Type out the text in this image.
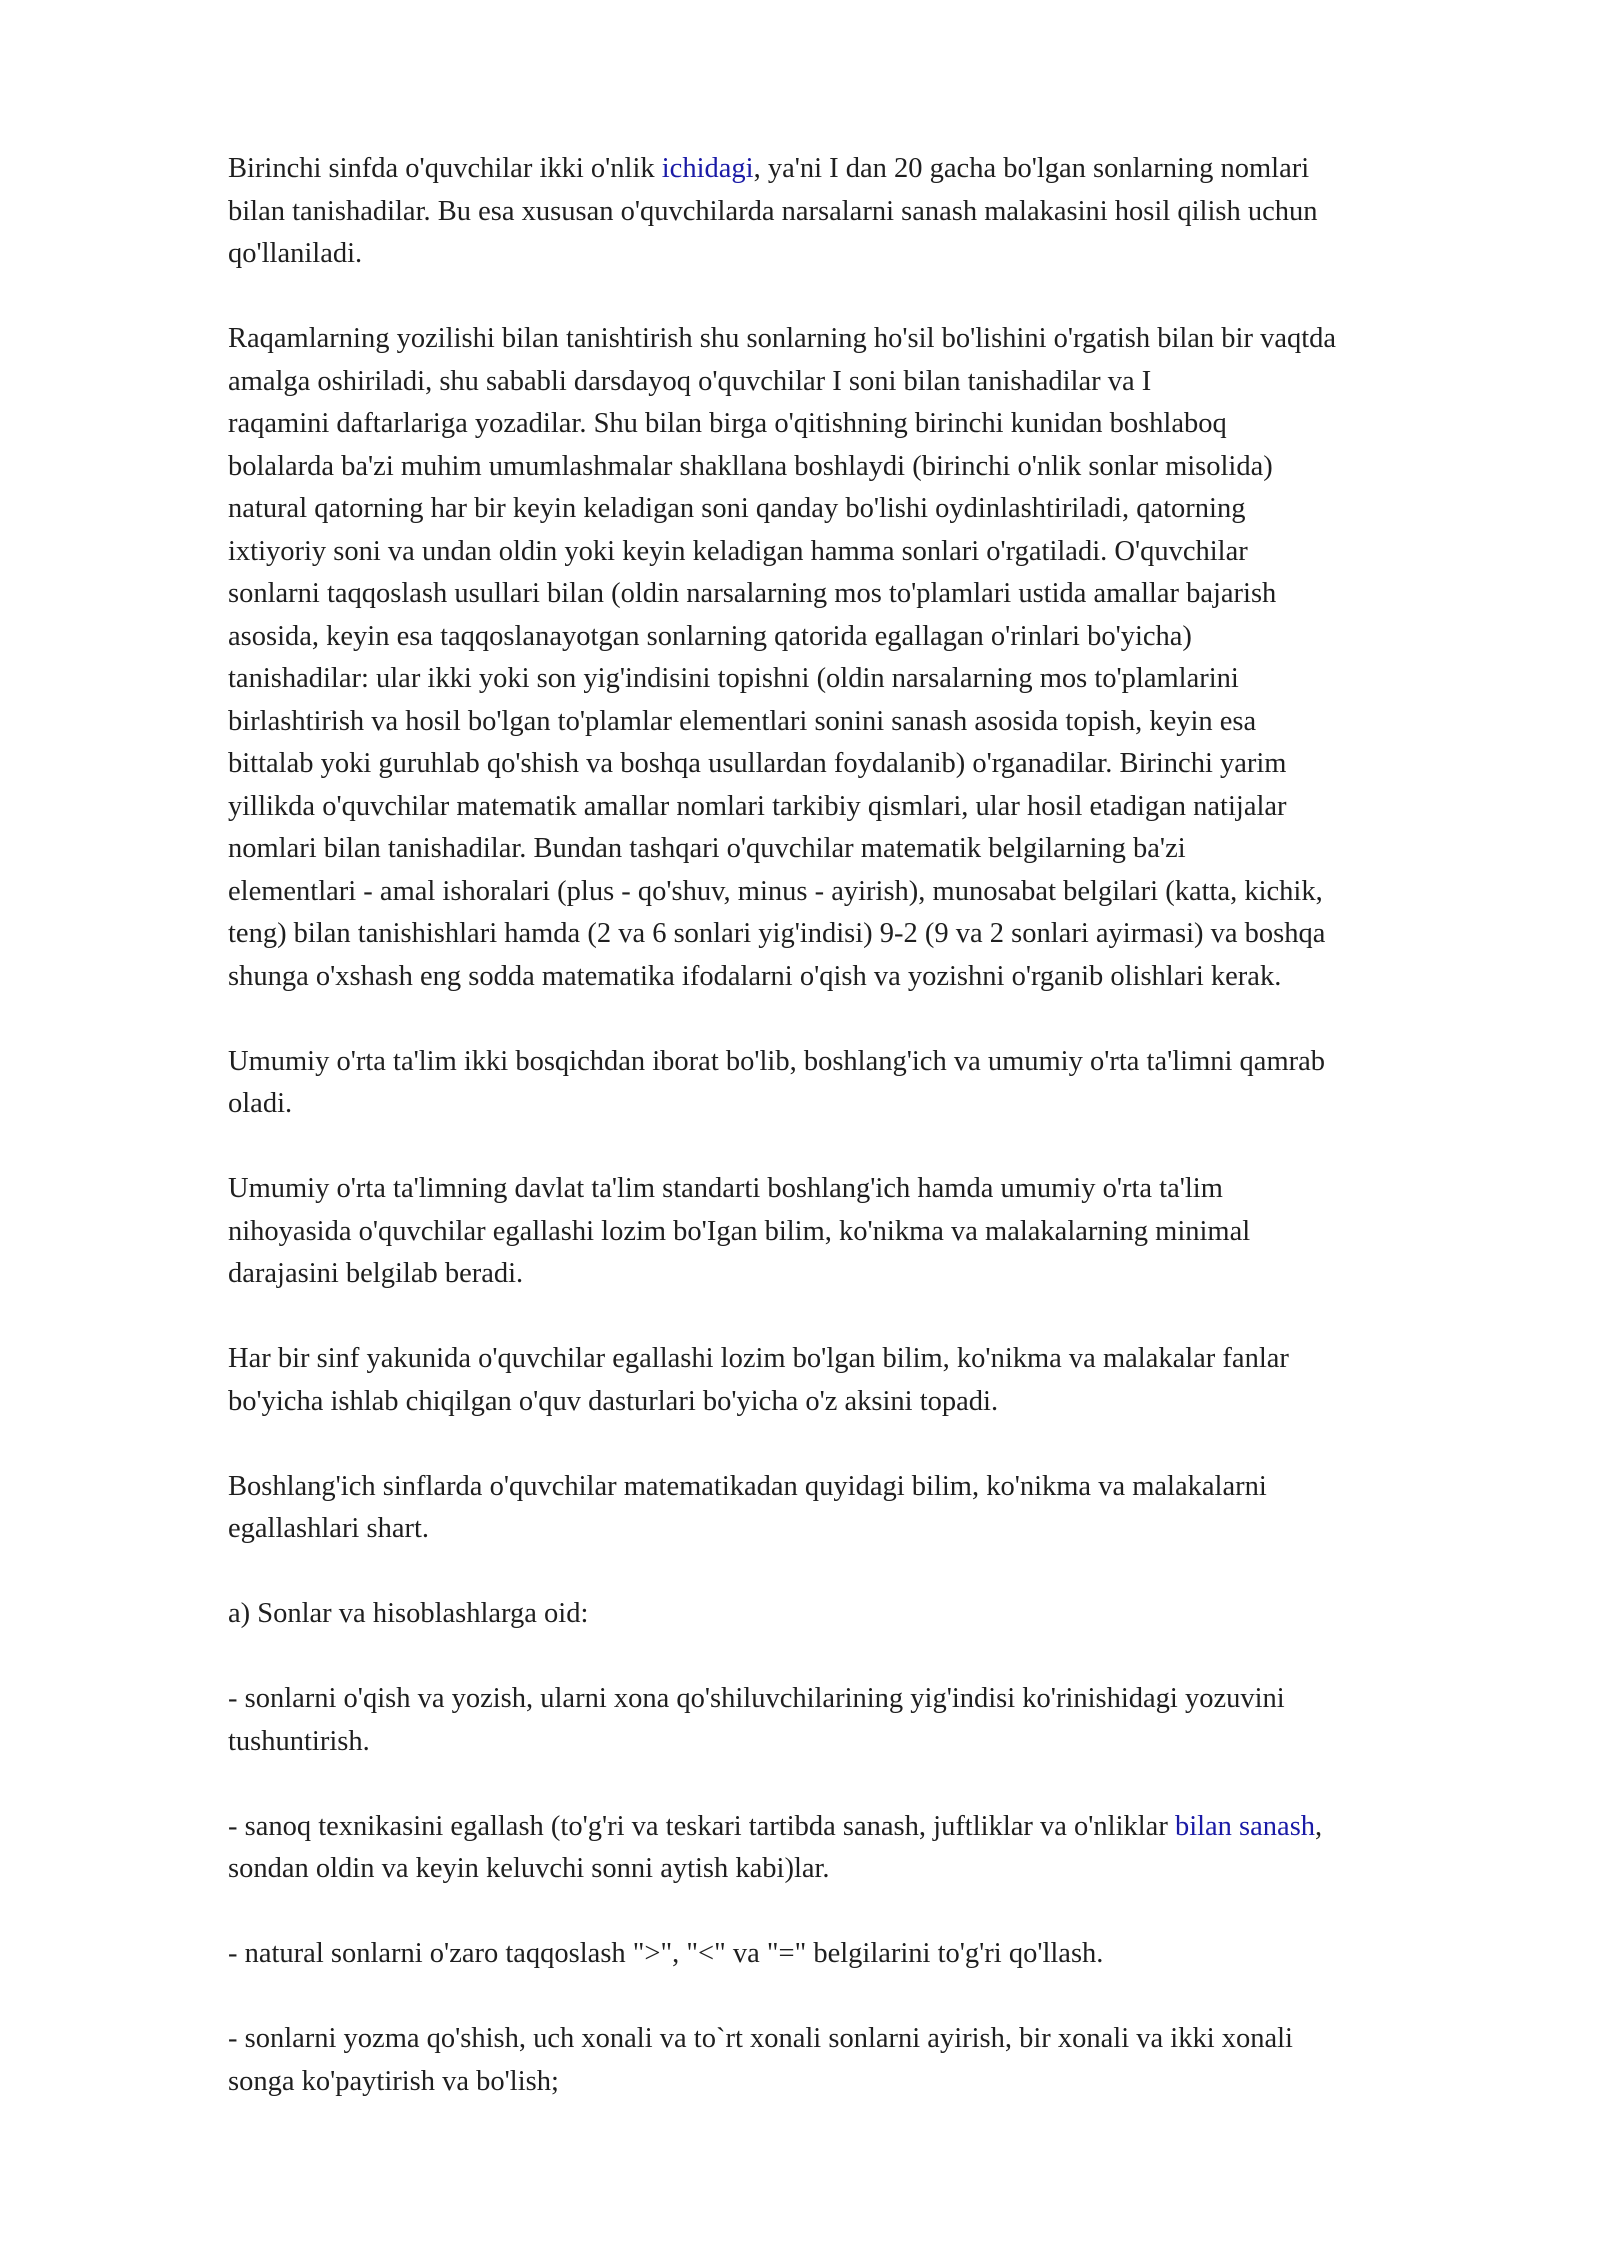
Birinchi sinfda o'quvchilar ikki o'nlik ichidagi, ya'ni I dan 20 gacha bo'lgan sonlarning nomlari
bilan tanishadilar. Bu esa xususan o'quvchilarda narsalarni sanash malakasini hosil qilish uchun
qo'llaniladi.

Raqamlarning yozilishi bilan tanishtirish shu sonlarning ho'sil bo'lishini o'rgatish bilan bir vaqtda
amalga oshiriladi, shu sababli darsdayoq o'quvchilar I soni bilan tanishadilar va I
raqamini daftarlariga yozadilar. Shu bilan birga o'qitishning birinchi kunidan boshlaboq
bolalarda ba'zi muhim umumlashmalar shakllana boshlaydi (birinchi o'nlik sonlar misolida)
natural qatorning har bir keyin keladigan soni qanday bo'lishi oydinlashtiriladi, qatorning
ixtiyoriy soni va undan oldin yoki keyin keladigan hamma sonlari o'rgatiladi. O'quvchilar
sonlarni taqqoslash usullari bilan (oldin narsalarning mos to'plamlari ustida amallar bajarish
asosida, keyin esa taqqoslanayotgan sonlarning qatorida egallagan o'rinlari bo'yicha)
tanishadilar: ular ikki yoki son yig'indisini topishni (oldin narsalarning mos to'plamlarini
birlashtirish va hosil bo'lgan to'plamlar elementlari sonini sanash asosida topish, keyin esa
bittalab yoki guruhlab qo'shish va boshqa usullardan foydalanib) o'rganadilar. Birinchi yarim
yillikda o'quvchilar matematik amallar nomlari tarkibiy qismlari, ular hosil etadigan natijalar
nomlari bilan tanishadilar. Bundan tashqari o'quvchilar matematik belgilarning ba'zi
elementlari - amal ishoralari (plus - qo'shuv, minus - ayirish), munosabat belgilari (katta, kichik,
teng) bilan tanishishlari hamda (2 va 6 sonlari yig'indisi) 9-2 (9 va 2 sonlari ayirmasi) va boshqa
shunga o'xshash eng sodda matematika ifodalarni o'qish va yozishni o'rganib olishlari kerak.

Umumiy o'rta ta'lim ikki bosqichdan iborat bo'lib, boshlang'ich va umumiy o'rta ta'limni qamrab
oladi.

Umumiy o'rta ta'limning davlat ta'lim standarti boshlang'ich hamda umumiy o'rta ta'lim
nihoyasida o'quvchilar egallashi lozim bo'Igan bilim, ko'nikma va malakalarning minimal
darajasini belgilab beradi.

Har bir sinf yakunida o'quvchilar egallashi lozim bo'lgan bilim, ko'nikma va malakalar fanlar
bo'yicha ishlab chiqilgan o'quv dasturlari bo'yicha o'z aksini topadi.

Boshlang'ich sinflarda o'quvchilar matematikadan quyidagi bilim, ko'nikma va malakalarni
egallashlari shart.

a) Sonlar va hisoblashlarga oid:

- sonlarni o'qish va yozish, ularni xona qo'shiluvchilarining yig'indisi ko'rinishidagi yozuvini
tushuntirish.

- sanoq texnikasini egallash (to'g'ri va teskari tartibda sanash, juftliklar va o'nliklar bilan sanash,
sondan oldin va keyin keluvchi sonni aytish kabi)lar.

- natural sonlarni o'zaro taqqoslash ">", "<" va "=" belgilarini to'g'ri qo'llash.

- sonlarni yozma qo'shish, uch xonali va to`rt xonali sonlarni ayirish, bir xonali va ikki xonali
songa ko'paytirish va bo'lish;
